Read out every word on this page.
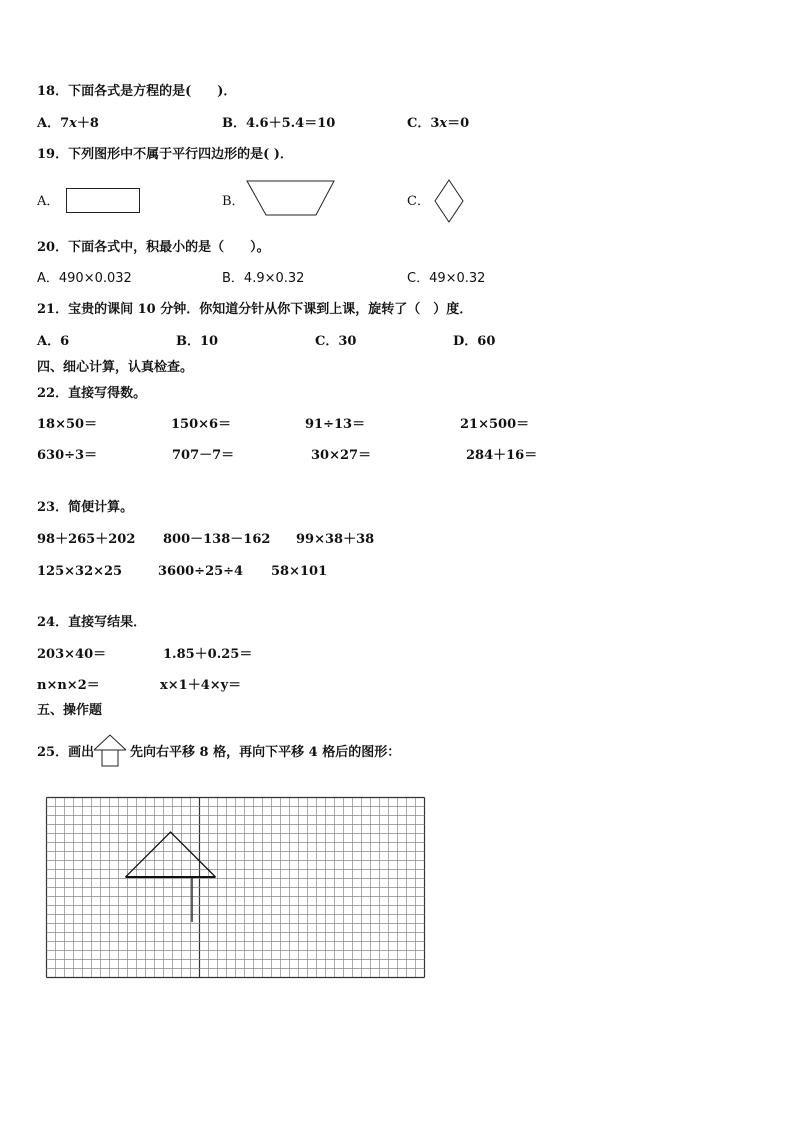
18．下面各式是方程的是(　　)．
A．7x＋8	B．4.6＋5.4＝10	C．3x＝0
19．下列图形中不属于平行四边形的是( )．
A．	B．	C．
20．下面各式中，积最小的是（　　）。
A．490×0.032	B．4.9×0.32	C．49×0.32
21．宝贵的课间 10 分钟．你知道分针从你下课到上课，旋转了（　）度．
A．6	B．10	C．30	D．60
四、细心计算，认真检查。
22．直接写得数。
18×50＝	150×6＝	91÷13＝	21×500＝
630÷3＝	707－7＝	30×27＝	284＋16＝
23．简便计算。
98＋265＋202 800－138－162 99×38＋38
125×32×25	3600÷25÷4 58×101
24．直接写结果．
203×40＝	1.85＋0.25＝
n×n×2＝	x×1＋4×y＝
五、操作题
25．画出	先向右平移 8 格，再向下平移 4 格后的图形：
